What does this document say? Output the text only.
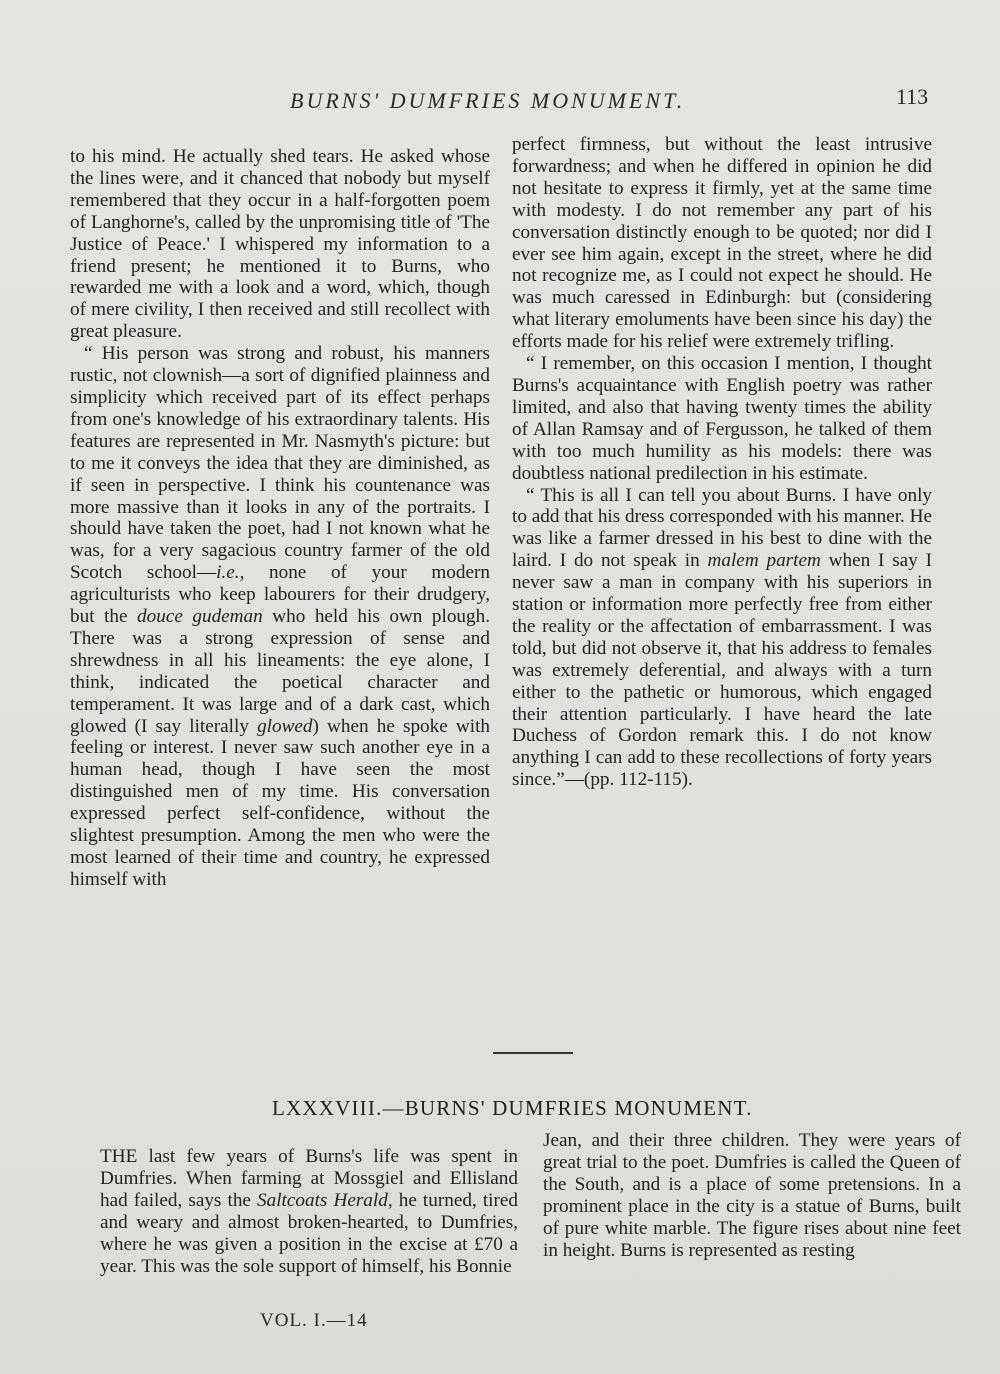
BURNS' DUMFRIES MONUMENT.	113

to his mind. He actually shed tears. He asked whose the lines were, and it chanced that nobody but myself remembered that they occur in a half-forgotten poem of Langhorne's, called by the unpromising title of 'The Justice of Peace.' I whispered my information to a friend present; he mentioned it to Burns, who rewarded me with a look and a word, which, though of mere civility, I then received and still recollect with great pleasure.

“ His person was strong and robust, his manners rustic, not clownish—a sort of dignified plainness and simplicity which received part of its effect perhaps from one's knowledge of his extraordinary talents. His features are represented in Mr. Nasmyth's picture: but to me it conveys the idea that they are diminished, as if seen in perspective. I think his countenance was more massive than it looks in any of the portraits. I should have taken the poet, had I not known what he was, for a very sagacious country farmer of the old Scotch school—i.e., none of your modern agriculturists who keep labourers for their drudgery, but the douce gudeman who held his own plough. There was a strong expression of sense and shrewdness in all his lineaments: the eye alone, I think, indicated the poetical character and temperament. It was large and of a dark cast, which glowed (I say literally glowed) when he spoke with feeling or interest. I never saw such another eye in a human head, though I have seen the most distinguished men of my time. His conversation expressed perfect self-confidence, without the slightest presumption. Among the men who were the most learned of their time and country, he expressed himself with

perfect firmness, but without the least intrusive forwardness; and when he differed in opinion he did not hesitate to express it firmly, yet at the same time with modesty. I do not remember any part of his conversation distinctly enough to be quoted; nor did I ever see him again, except in the street, where he did not recognize me, as I could not expect he should. He was much caressed in Edinburgh: but (considering what literary emoluments have been since his day) the efforts made for his relief were extremely trifling.

“ I remember, on this occasion I mention, I thought Burns's acquaintance with English poetry was rather limited, and also that having twenty times the ability of Allan Ramsay and of Fergusson, he talked of them with too much humility as his models: there was doubtless national predilection in his estimate.

“ This is all I can tell you about Burns. I have only to add that his dress corresponded with his manner. He was like a farmer dressed in his best to dine with the laird. I do not speak in malem partem when I say I never saw a man in company with his superiors in station or information more perfectly free from either the reality or the affectation of embarrassment. I was told, but did not observe it, that his address to females was extremely deferential, and always with a turn either to the pathetic or humorous, which engaged their attention particularly. I have heard the late Duchess of Gordon remark this. I do not know anything I can add to these recollections of forty years since.”—(pp. 112-115).

LXXXVIII.—BURNS' DUMFRIES MONUMENT.

THE last few years of Burns's life was spent in Dumfries. When farming at Mossgiel and Ellisland had failed, says the Saltcoats Herald, he turned, tired and weary and almost broken-hearted, to Dumfries, where he was given a position in the excise at £70 a year. This was the sole support of himself, his Bonnie

Jean, and their three children. They were years of great trial to the poet. Dumfries is called the Queen of the South, and is a place of some pretensions. In a prominent place in the city is a statue of Burns, built of pure white marble. The figure rises about nine feet in height. Burns is represented as resting

VOL. I.—14
